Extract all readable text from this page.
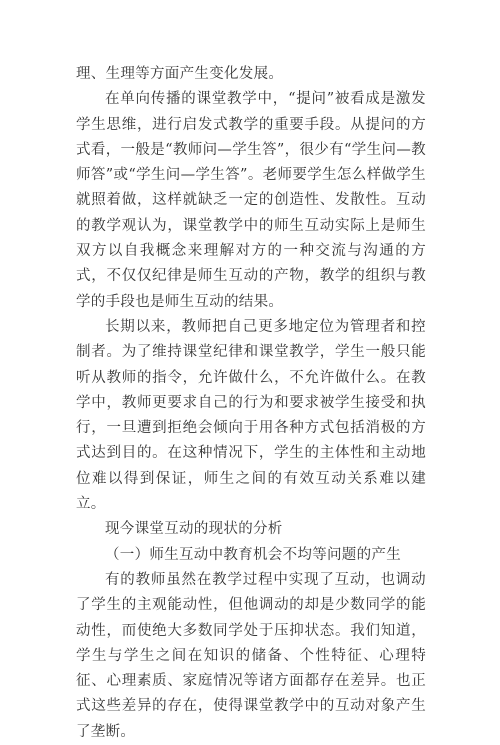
理、生理等方面产生变化发展。

在单向传播的课堂教学中，“提问”被看成是激发学生思维，进行启发式教学的重要手段。从提问的方式看，一般是“教师问—学生答”，很少有“学生问—教师答”或“学生问—学生答”。老师要学生怎么样做学生就照着做，这样就缺乏一定的创造性、发散性。互动的教学观认为，课堂教学中的师生互动实际上是师生双方以自我概念来理解对方的一种交流与沟通的方式，不仅仅纪律是师生互动的产物，教学的组织与教学的手段也是师生互动的结果。

长期以来，教师把自己更多地定位为管理者和控制者。为了维持课堂纪律和课堂教学，学生一般只能听从教师的指令，允许做什么，不允许做什么。在教学中，教师更要求自己的行为和要求被学生接受和执行，一旦遭到拒绝会倾向于用各种方式包括消极的方式达到目的。在这种情况下，学生的主体性和主动地位难以得到保证，师生之间的有效互动关系难以建立。

现今课堂互动的现状的分析

（一）师生互动中教育机会不均等问题的产生

有的教师虽然在教学过程中实现了互动，也调动了学生的主观能动性，但他调动的却是少数同学的能动性，而使绝大多数同学处于压抑状态。我们知道，学生与学生之间在知识的储备、个性特征、心理特征、心理素质、家庭情况等诸方面都存在差异。也正式这些差异的存在，使得课堂教学中的互动对象产生了垄断。
